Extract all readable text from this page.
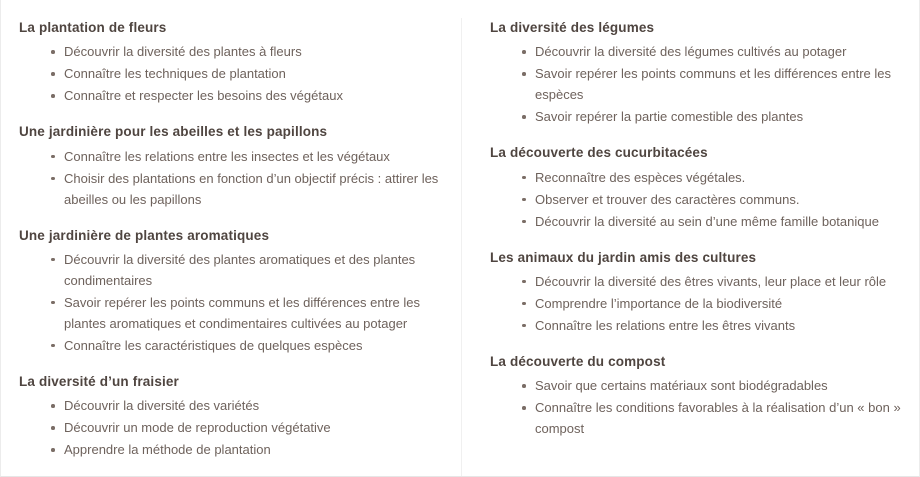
La plantation de fleurs
Découvrir la diversité des plantes à fleurs
Connaître les techniques de plantation
Connaître et respecter les besoins des végétaux
Une jardinière pour les abeilles et les papillons
Connaître les relations entre les insectes et les végétaux
Choisir des plantations en fonction d’un objectif précis : attirer les abeilles ou les papillons
Une jardinière de plantes aromatiques
Découvrir la diversité des plantes aromatiques et des plantes condimentaires
Savoir repérer les points communs et les différences entre les plantes aromatiques et condimentaires cultivées au potager
Connaître les caractéristiques de quelques espèces
La diversité d’un fraisier
Découvrir la diversité des variétés
Découvrir un mode de reproduction végétative
Apprendre la méthode de plantation
La diversité des légumes
Découvrir la diversité des légumes cultivés au potager
Savoir repérer les points communs et les différences entre les espèces
Savoir repérer la partie comestible des plantes
La découverte des cucurbitacées
Reconnaître des espèces végétales.
Observer et trouver des caractères communs.
Découvrir la diversité au sein d’une même famille botanique
Les animaux du jardin amis des cultures
Découvrir la diversité des êtres vivants, leur place et leur rôle
Comprendre l’importance de la biodiversité
Connaître les relations entre les êtres vivants
La découverte du compost
Savoir que certains matériaux sont biodégradables
Connaître les conditions favorables à la réalisation d’un « bon » compost
